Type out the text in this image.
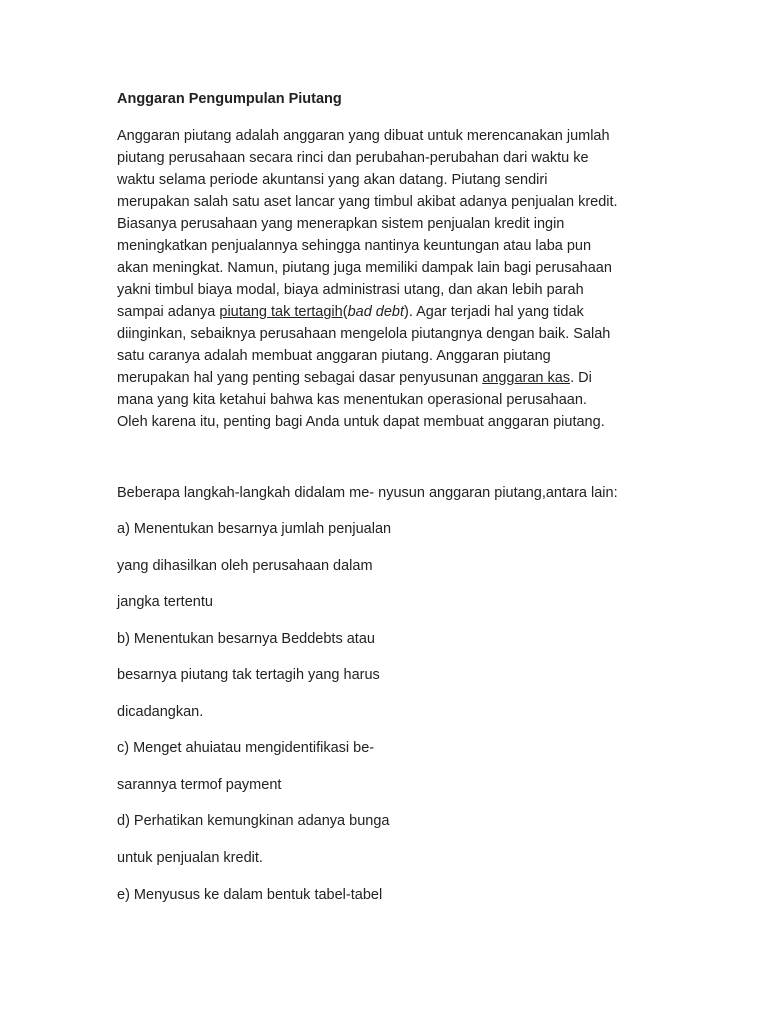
Anggaran Pengumpulan Piutang
Anggaran piutang adalah anggaran yang dibuat untuk merencanakan jumlah
piutang perusahaan secara rinci dan perubahan-perubahan dari waktu ke
waktu selama periode akuntansi yang akan datang. Piutang sendiri
merupakan salah satu aset lancar yang timbul akibat adanya penjualan kredit.
Biasanya perusahaan yang menerapkan sistem penjualan kredit ingin
meningkatkan penjualannya sehingga nantinya keuntungan atau laba pun
akan meningkat. Namun, piutang juga memiliki dampak lain bagi perusahaan
yakni timbul biaya modal, biaya administrasi utang, dan akan lebih parah
sampai adanya piutang tak tertagih(bad debt). Agar terjadi hal yang tidak
diinginkan, sebaiknya perusahaan mengelola piutangnya dengan baik. Salah
satu caranya adalah membuat anggaran piutang. Anggaran piutang
merupakan hal yang penting sebagai dasar penyusunan anggaran kas. Di
mana yang kita ketahui bahwa kas menentukan operasional perusahaan.
Oleh karena itu, penting bagi Anda untuk dapat membuat anggaran piutang.

Beberapa langkah-langkah didalam me- nyusun anggaran piutang,antara lain:

a) Menentukan besarnya jumlah penjualan

yang dihasilkan oleh perusahaan dalam

jangka tertentu

b) Menentukan besarnya Beddebts atau

besarnya piutang tak tertagih yang harus

dicadangkan.

c) Menget ahuiatau mengidentifikasi be-

sarannya termof payment

d) Perhatikan kemungkinan adanya bunga

untuk penjualan kredit.

e) Menyusus ke dalam bentuk tabel-tabel
